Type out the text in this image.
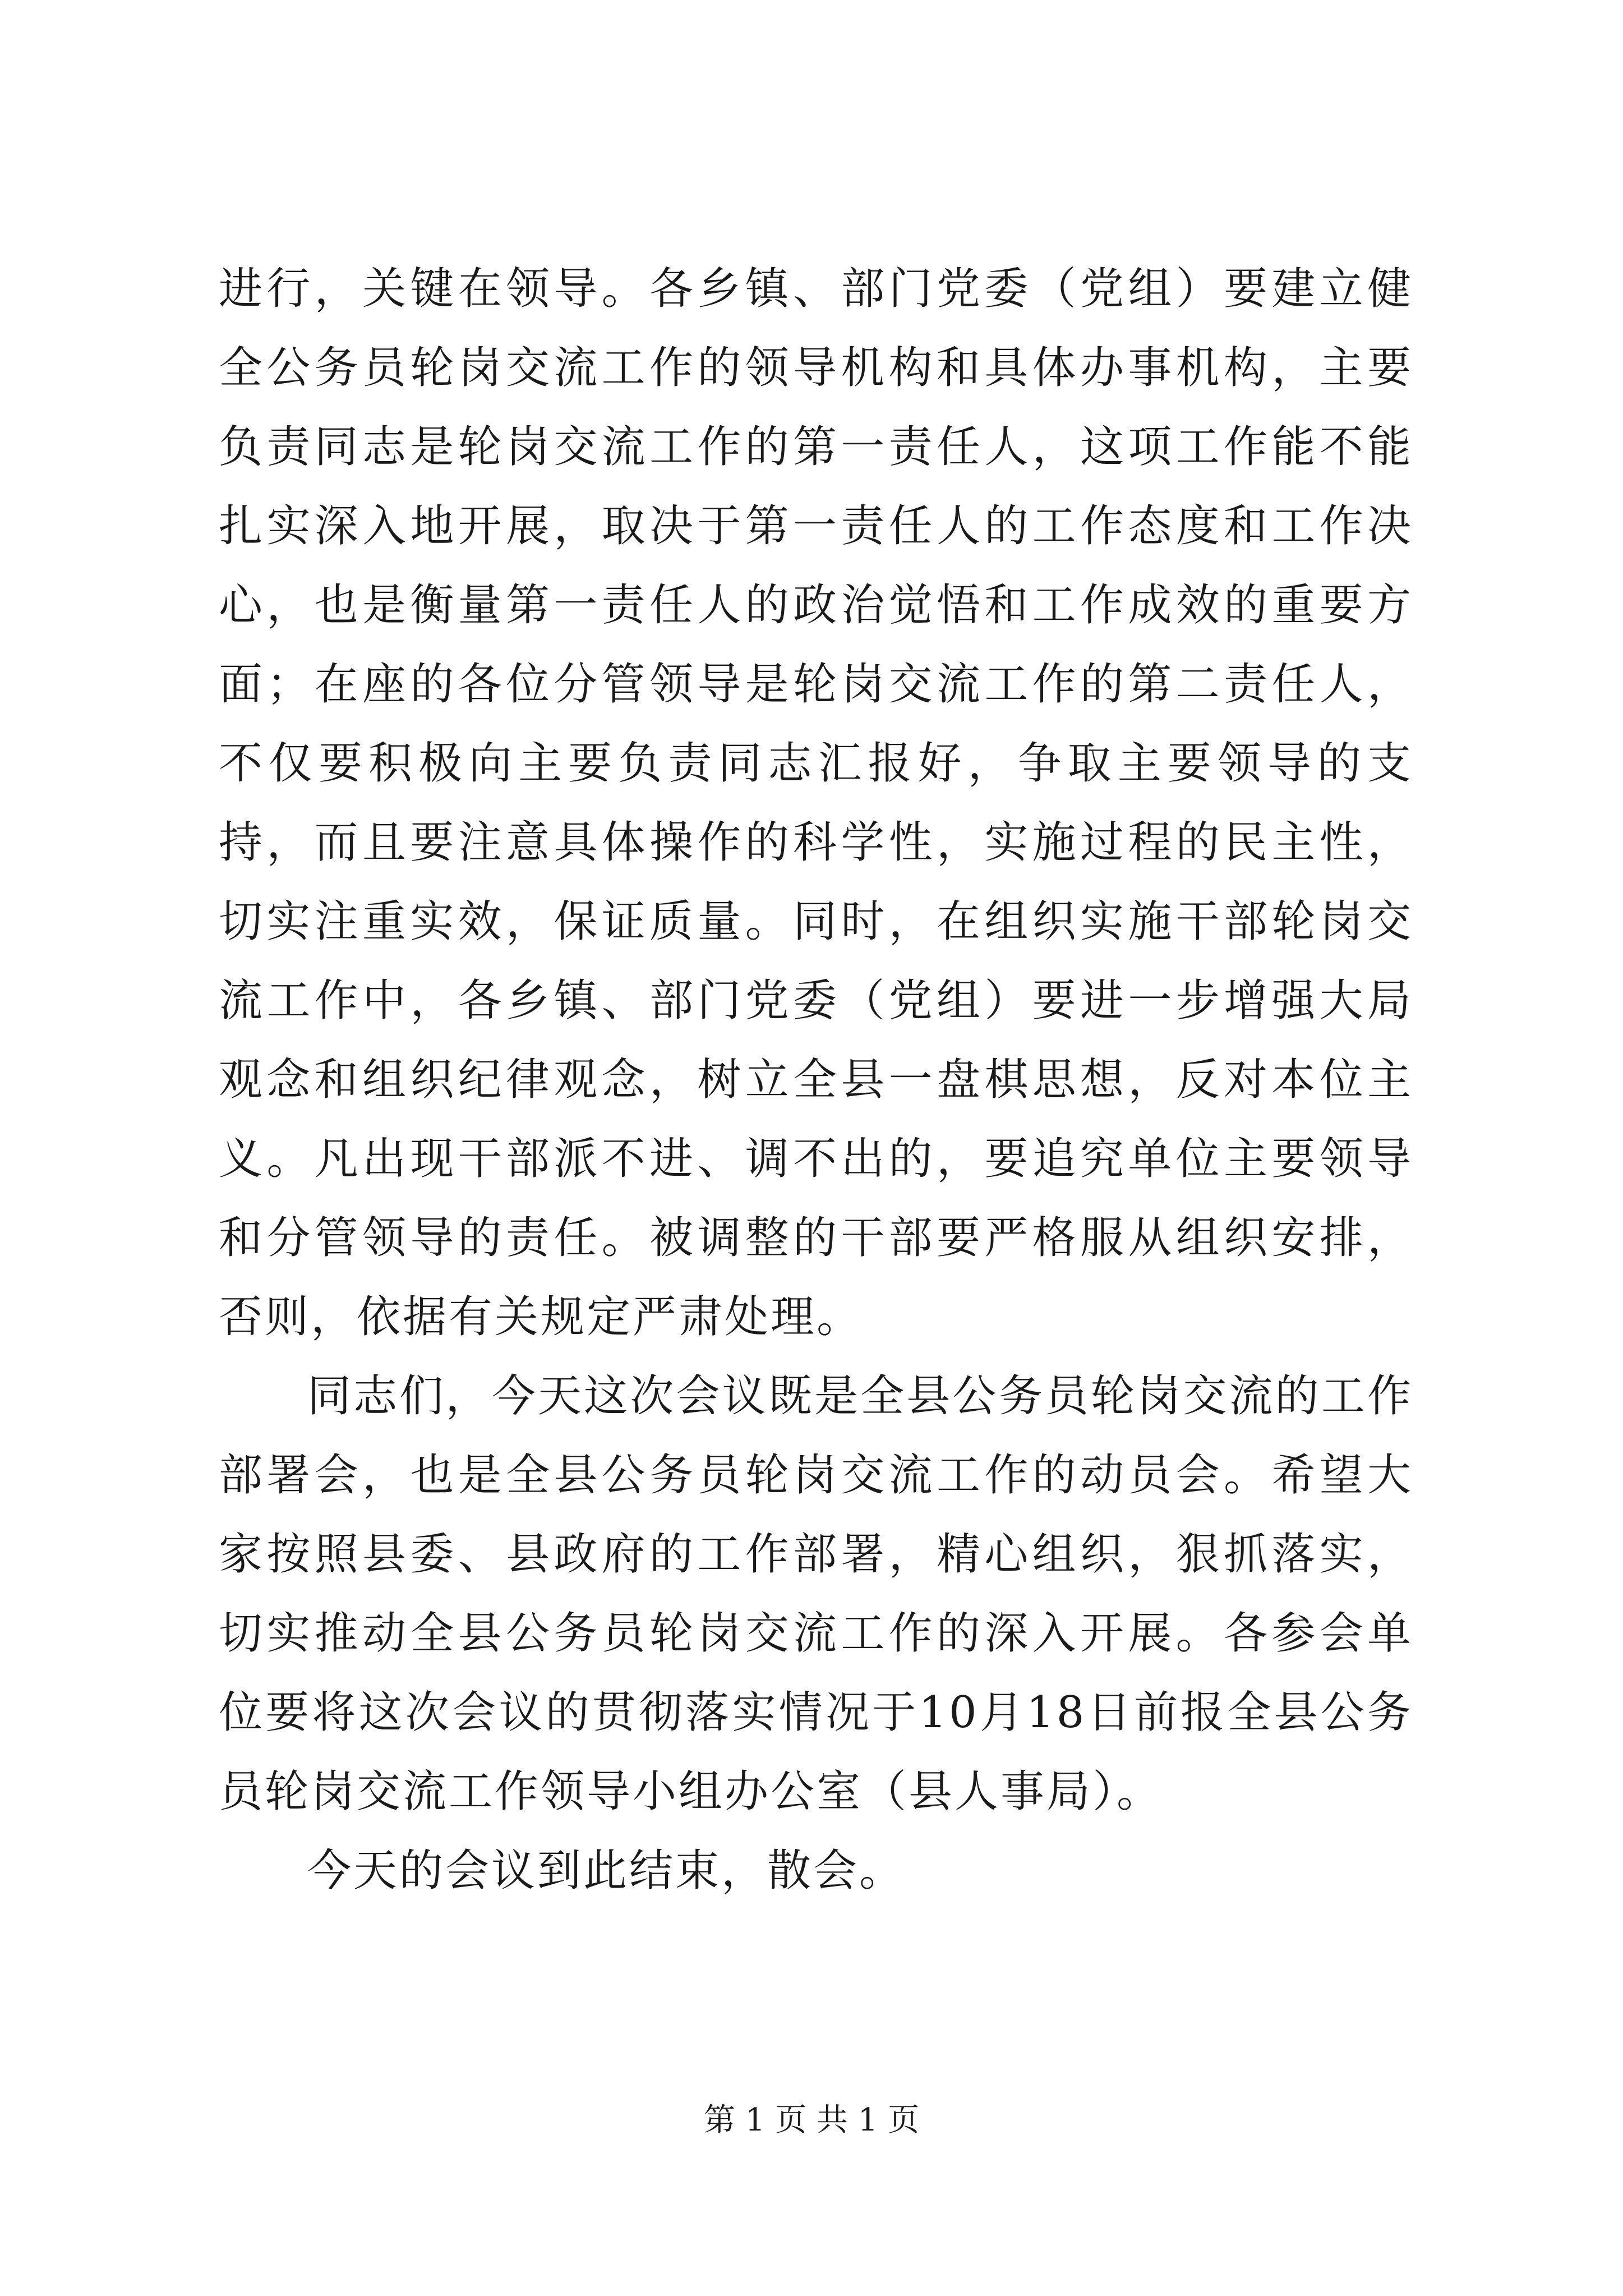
进行，关键在领导。各乡镇、部门党委（党组）要建立健全公务员轮岗交流工作的领导机构和具体办事机构，主要负责同志是轮岗交流工作的第一责任人，这项工作能不能扎实深入地开展，取决于第一责任人的工作态度和工作决心，也是衡量第一责任人的政治觉悟和工作成效的重要方面；在座的各位分管领导是轮岗交流工作的第二责任人，不仅要积极向主要负责同志汇报好，争取主要领导的支持，而且要注意具体操作的科学性，实施过程的民主性，切实注重实效，保证质量。同时，在组织实施干部轮岗交流工作中，各乡镇、部门党委（党组）要进一步增强大局观念和组织纪律观念，树立全县一盘棋思想，反对本位主义。凡出现干部派不进、调不出的，要追究单位主要领导和分管领导的责任。被调整的干部要严格服从组织安排，否则，依据有关规定严肃处理。

同志们，今天这次会议既是全县公务员轮岗交流的工作部署会，也是全县公务员轮岗交流工作的动员会。希望大家按照县委、县政府的工作部署，精心组织，狠抓落实，切实推动全县公务员轮岗交流工作的深入开展。各参会单位要将这次会议的贯彻落实情况于10月18日前报全县公务员轮岗交流工作领导小组办公室（县人事局）。

今天的会议到此结束，散会。

第 1 页 共 1 页
